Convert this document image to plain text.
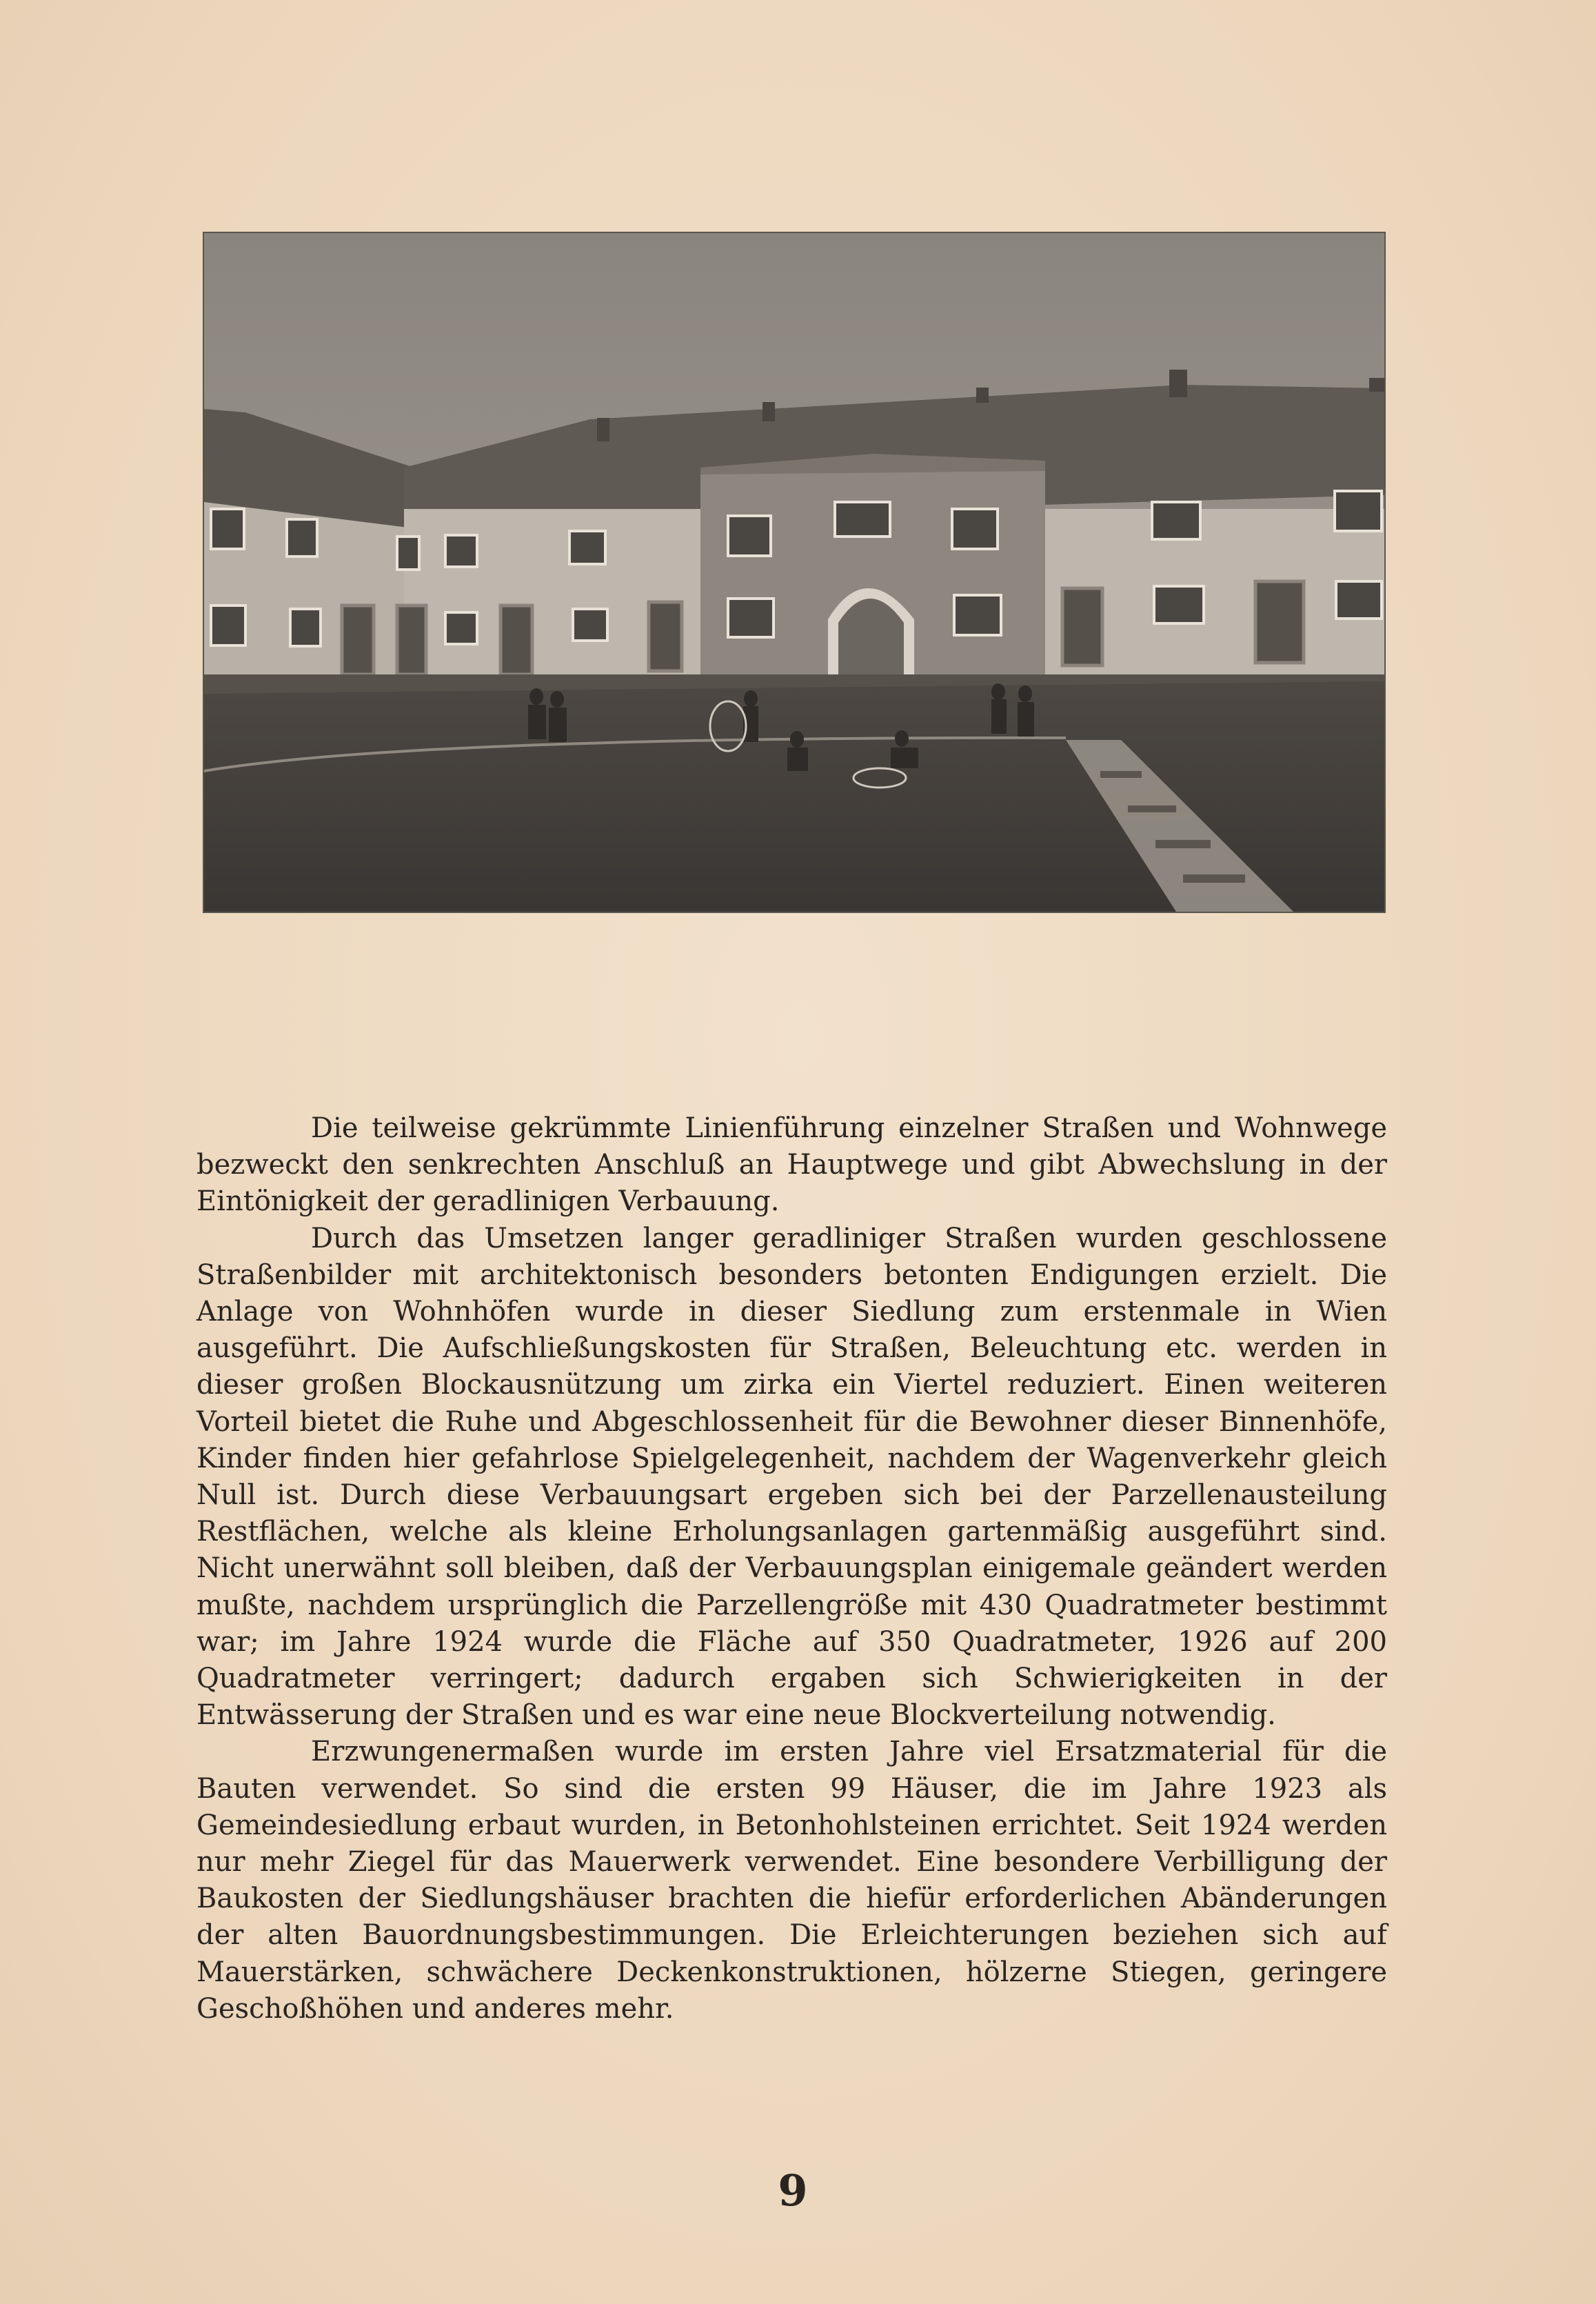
Die teilweise gekrümmte Linienführung einzelner Straßen und Wohnwege bezweckt den senkrechten Anschluß an Hauptwege und gibt Abwechslung in der Eintönigkeit der geradlinigen Verbauung.

Durch das Umsetzen langer geradliniger Straßen wurden geschlossene Straßenbilder mit architektonisch besonders betonten Endigungen erzielt. Die Anlage von Wohnhöfen wurde in dieser Siedlung zum erstenmale in Wien ausgeführt. Die Aufschließungskosten für Straßen, Beleuchtung etc. werden in dieser großen Blockausnützung um zirka ein Viertel reduziert. Einen weiteren Vorteil bietet die Ruhe und Abgeschlossenheit für die Bewohner dieser Binnenhöfe, Kinder finden hier gefahrlose Spielgelegenheit, nachdem der Wagenverkehr gleich Null ist. Durch diese Verbauungsart ergeben sich bei der Parzellenausteilung Restflächen, welche als kleine Erholungsanlagen gartenmäßig ausgeführt sind. Nicht unerwähnt soll bleiben, daß der Verbauungsplan einigemale geändert werden mußte, nachdem ursprünglich die Parzellengröße mit 430 Quadratmeter bestimmt war; im Jahre 1924 wurde die Fläche auf 350 Quadratmeter, 1926 auf 200 Quadratmeter verringert; dadurch ergaben sich Schwierigkeiten in der Entwässerung der Straßen und es war eine neue Blockverteilung notwendig.

Erzwungenermaßen wurde im ersten Jahre viel Ersatzmaterial für die Bauten verwendet. So sind die ersten 99 Häuser, die im Jahre 1923 als Gemeindesiedlung erbaut wurden, in Betonhohlsteinen errichtet. Seit 1924 werden nur mehr Ziegel für das Mauerwerk verwendet. Eine besondere Verbilligung der Baukosten der Siedlungshäuser brachten die hiefür erforderlichen Abänderungen der alten Bauordnungsbestimmungen. Die Erleichterungen beziehen sich auf Mauerstärken, schwächere Deckenkonstruktionen, hölzerne Stiegen, geringere Geschoßhöhen und anderes mehr.

9
